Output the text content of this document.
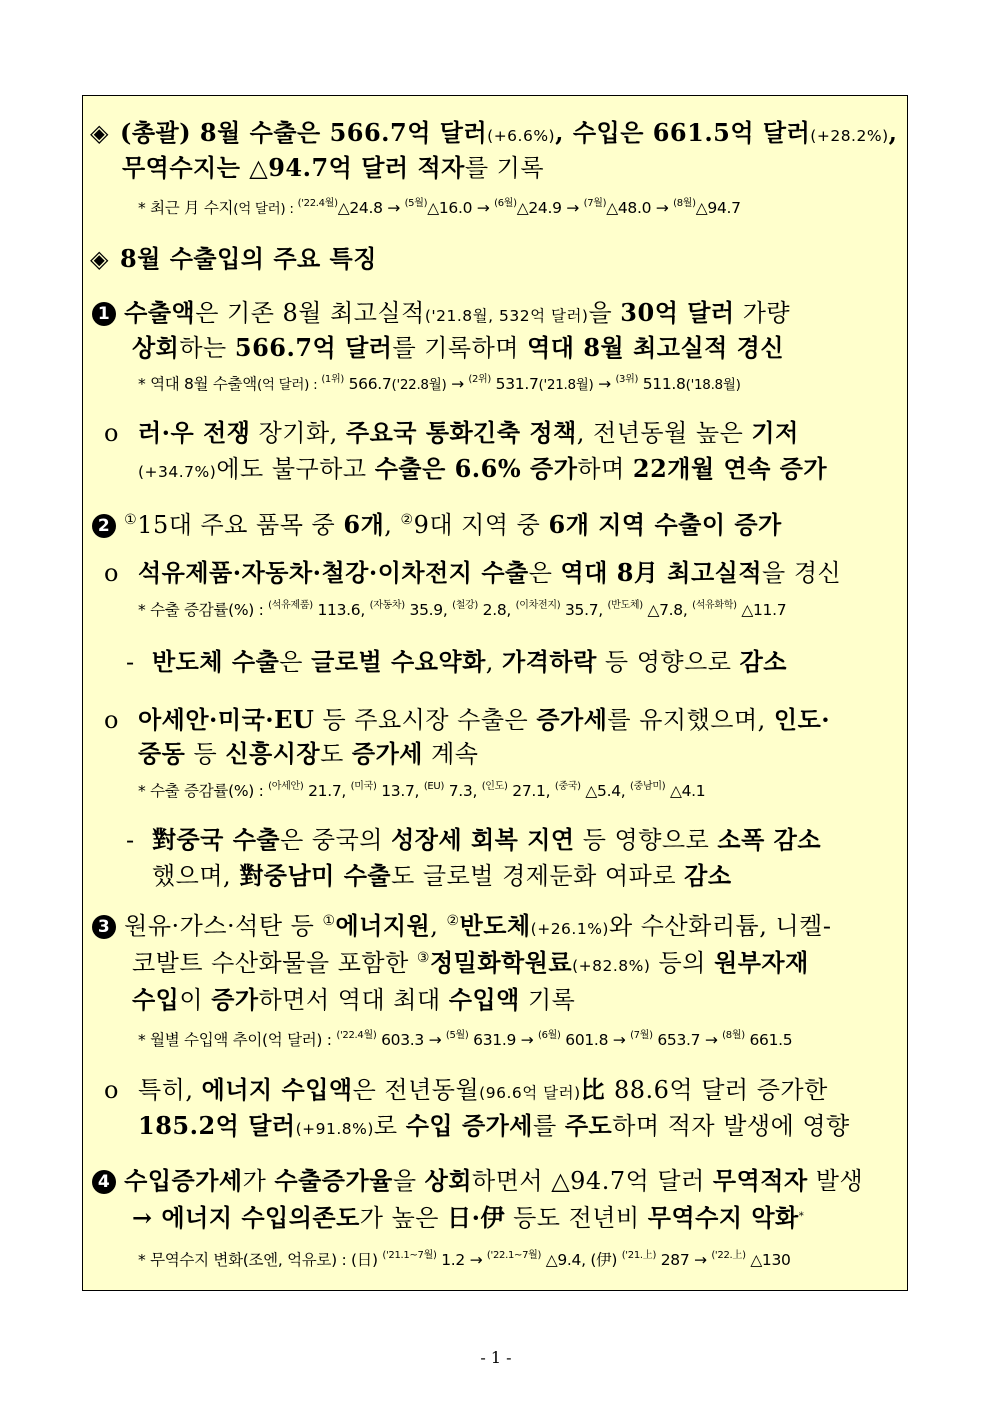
◈ (총괄) 8월 수출은 566.7억 달러(+6.6%), 수입은 661.5억 달러(+28.2%),
무역수지는 △94.7억 달러 적자를 기록
* 최근 月 수지(억 달러) : $^{('22.4월)}$△24.8 → $^{(5월)}$△16.0 → $^{(6월)}$△24.9 → $^{(7월)}$△48.0 → $^{(8월)}$△94.7
◈ 8월 수출입의 주요 특징
1 수출액은 기존 8월 최고실적('21.8월, 532억 달러)을 30억 달러 가량
상회하는 566.7억 달러를 기록하며 역대 8월 최고실적 경신
* 역대 8월 수출액(억 달러) : $^{(1위)}$ 566.7('22.8월) → $^{(2위)}$ 531.7('21.8월) → $^{(3위)}$ 511.8('18.8월)
o 러·우 전쟁 장기화, 주요국 통화긴축 정책, 전년동월 높은 기저
(+34.7%)에도 불구하고 수출은 6.6% 증가하며 22개월 연속 증가
2 ①15대 주요 품목 중 6개, ②9대 지역 중 6개 지역 수출이 증가
o 석유제품·자동차·철강·이차전지 수출은 역대 8月 최고실적을 경신
* 수출 증감률(%) : $^{(석유제품)}$ 113.6, $^{(자동차)}$ 35.9, $^{(철강)}$ 2.8, $^{(이차전지)}$ 35.7, $^{(반도체)}$ △7.8, $^{(석유화학)}$ △11.7
- 반도체 수출은 글로벌 수요약화, 가격하락 등 영향으로 감소
o 아세안·미국·EU 등 주요시장 수출은 증가세를 유지했으며, 인도·
중동 등 신흥시장도 증가세 계속
* 수출 증감률(%) : $^{(아세안)}$ 21.7, $^{(미국)}$ 13.7, $^{(EU)}$ 7.3, $^{(인도)}$ 27.1, $^{(중국)}$ △5.4, $^{(중남미)}$ △4.1
- 對중국 수출은 중국의 성장세 회복 지연 등 영향으로 소폭 감소
했으며, 對중남미 수출도 글로벌 경제둔화 여파로 감소
3 원유·가스·석탄 등 ①에너지원, ②반도체(+26.1%)와 수산화리튬, 니켈-
코발트 수산화물을 포함한 ③정밀화학원료(+82.8%) 등의 원부자재
수입이 증가하면서 역대 최대 수입액 기록
* 월별 수입액 추이(억 달러) : $^{('22.4월)}$ 603.3 → $^{(5월)}$ 631.9 → $^{(6월)}$ 601.8 → $^{(7월)}$ 653.7 → $^{(8월)}$ 661.5
o 특히, 에너지 수입액은 전년동월(96.6억 달러)比 88.6억 달러 증가한
185.2억 달러(+91.8%)로 수입 증가세를 주도하며 적자 발생에 영향
4 수입증가세가 수출증가율을 상회하면서 △94.7억 달러 무역적자 발생
→ 에너지 수입의존도가 높은 日·伊 등도 전년비 무역수지 악화*
* 무역수지 변화(조엔, 억유로) : (日) $^{('21.1\sim 7월)}$ 1.2 → $^{('22.1\sim 7월)}$ △9.4, (伊) $^{('21.上)}$ 287 → $^{('22.上)}$ △130
- 1 -
